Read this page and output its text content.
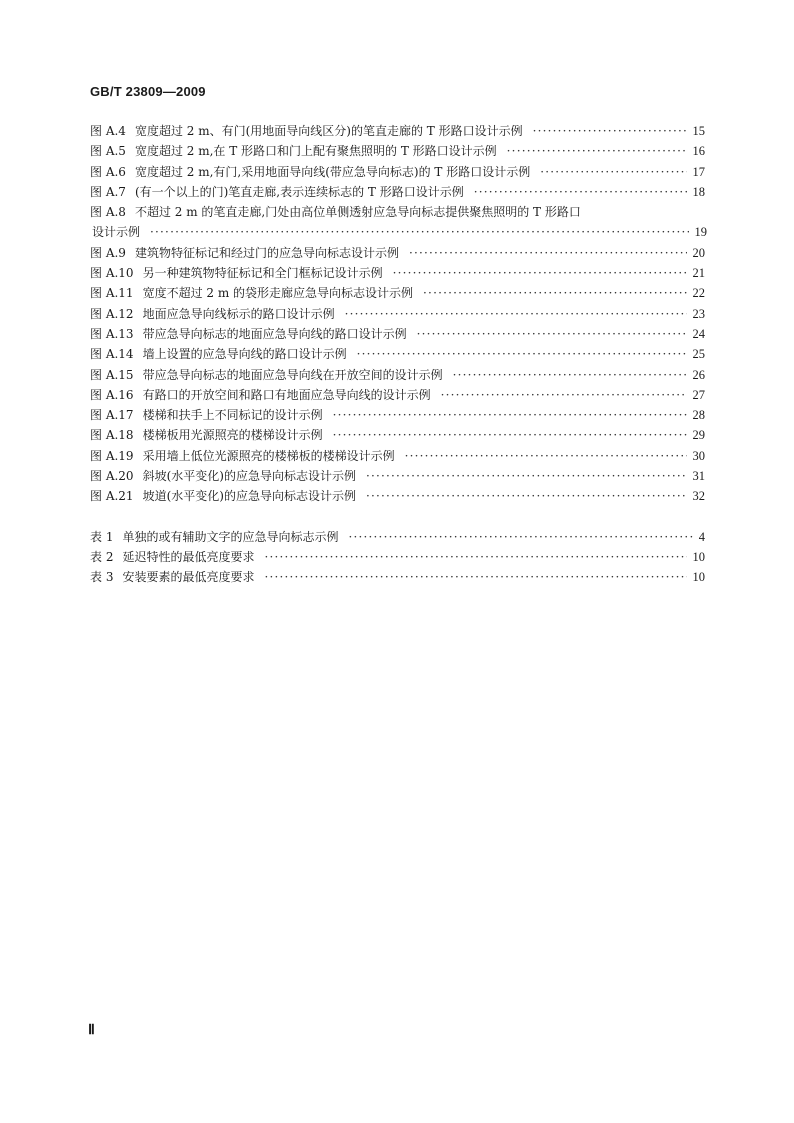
GB/T 23809—2009
图 A.4 宽度超过 2 m、有门(用地面导向线区分)的笔直走廊的 T 形路口设计示例 ·····	15
图 A.5 宽度超过 2 m,在 T 形路口和门上配有聚焦照明的 T 形路口设计示例 ·····	16
图 A.6 宽度超过 2 m,有门,采用地面导向线(带应急导向标志)的 T 形路口设计示例 ·····	17
图 A.7 (有一个以上的门)笔直走廊,表示连续标志的 T 形路口设计示例 ·····	18
图 A.8 不超过 2 m 的笔直走廊,门处由高位单侧透射应急导向标志提供聚焦照明的 T 形路口
设计示例 ·····	19
图 A.9 建筑物特征标记和经过门的应急导向标志设计示例 ·····	20
图 A.10 另一种建筑物特征标记和全门框标记设计示例 ·····	21
图 A.11 宽度不超过 2 m 的袋形走廊应急导向标志设计示例 ·····	22
图 A.12 地面应急导向线标示的路口设计示例 ·····	23
图 A.13 带应急导向标志的地面应急导向线的路口设计示例 ·····	24
图 A.14 墙上设置的应急导向线的路口设计示例 ·····	25
图 A.15 带应急导向标志的地面应急导向线在开放空间的设计示例 ·····	26
图 A.16 有路口的开放空间和路口有地面应急导向线的设计示例 ·····	27
图 A.17 楼梯和扶手上不同标记的设计示例 ·····	28
图 A.18 楼梯板用光源照亮的楼梯设计示例 ·····	29
图 A.19 采用墙上低位光源照亮的楼梯板的楼梯设计示例 ·····	30
图 A.20 斜坡(水平变化)的应急导向标志设计示例 ·····	31
图 A.21 坡道(水平变化)的应急导向标志设计示例 ·····	32
表 1 单独的或有辅助文字的应急导向标志示例 ·····	4
表 2 延迟特性的最低亮度要求 ·····	10
表 3 安装要素的最低亮度要求 ·····	10
Ⅱ
